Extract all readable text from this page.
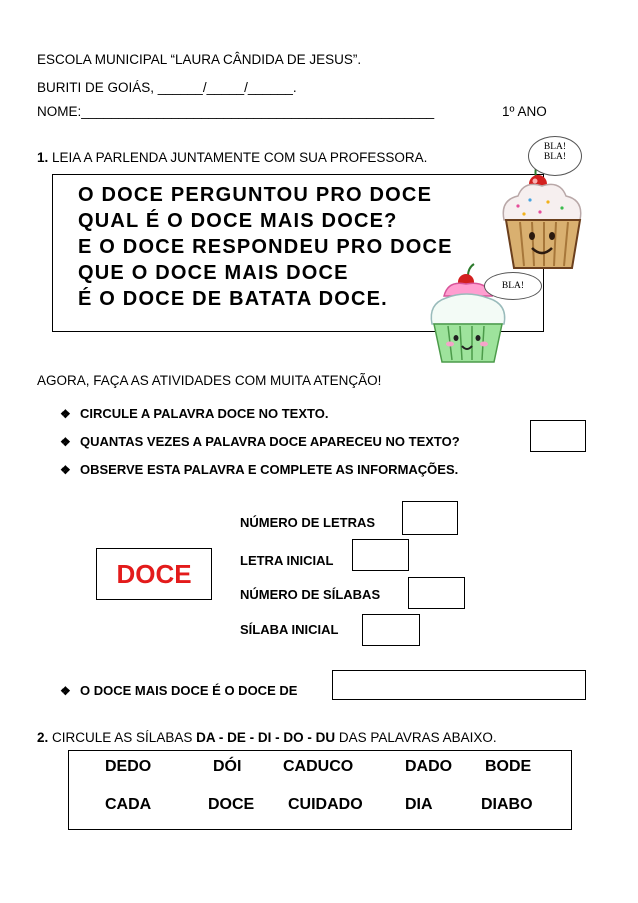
ESCOLA MUNICIPAL “LAURA CÂNDIDA DE JESUS”.
BURITI DE GOIÁS, ______/_____/______.
NOME:_______________________________________________	1º ANO
1. LEIA A PARLENDA JUNTAMENTE COM SUA PROFESSORA.
O DOCE PERGUNTOU PRO DOCE
QUAL É O DOCE MAIS DOCE?
E O DOCE RESPONDEU PRO DOCE
QUE O DOCE MAIS DOCE
É O DOCE DE BATATA DOCE.
BLA!
BLA!
BLA!
AGORA, FAÇA AS ATIVIDADES COM MUITA ATENÇÃO!
❖ CIRCULE A PALAVRA DOCE NO TEXTO.
❖ QUANTAS VEZES A PALAVRA DOCE APARECEU NO TEXTO?
❖ OBSERVE ESTA PALAVRA E COMPLETE AS INFORMAÇÕES.
DOCE
NÚMERO DE LETRAS
LETRA INICIAL
NÚMERO DE SÍLABAS
SÍLABA INICIAL
❖ O DOCE MAIS DOCE É O DOCE DE
2. CIRCULE AS SÍLABAS DA - DE - DI - DO - DU DAS PALAVRAS ABAIXO.
DEDO	DÓI	CADUCO	DADO BODE
CADA	DOCE CUIDADO	DIA	DIABO
